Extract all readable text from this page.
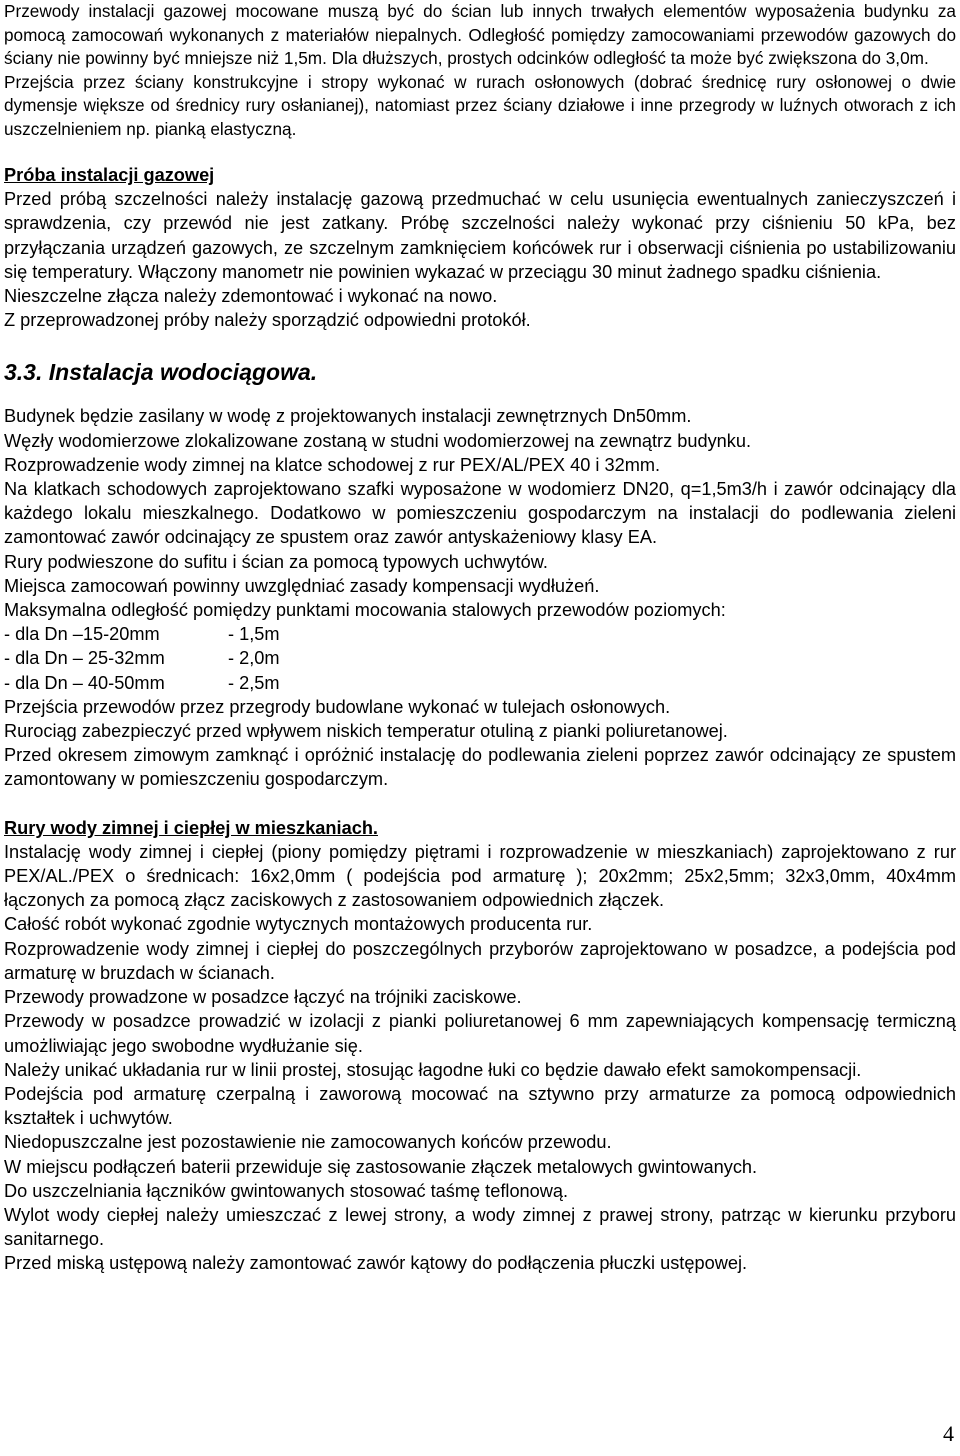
Przewody instalacji gazowej mocowane muszą być do ścian lub innych trwałych elementów wyposażenia budynku za pomocą zamocowań wykonanych z materiałów niepalnych. Odległość pomiędzy zamocowaniami przewodów gazowych do ściany nie powinny być mniejsze niż 1,5m. Dla dłuższych, prostych odcinków odległość ta może być zwiększona do 3,0m.

Przejścia przez ściany konstrukcyjne i stropy wykonać w rurach osłonowych (dobrać średnicę rury osłonowej o dwie dymensje większe od średnicy rury osłanianej), natomiast przez ściany działowe i inne przegrody w luźnych otworach z ich uszczelnieniem np. pianką elastyczną.

Próba instalacji gazowej

Przed próbą szczelności należy instalację gazową przedmuchać w celu usunięcia ewentualnych zanieczyszczeń i sprawdzenia, czy przewód nie jest zatkany. Próbę szczelności należy wykonać przy ciśnieniu 50 kPa, bez przyłączania urządzeń gazowych, ze szczelnym zamknięciem końcówek rur i obserwacji ciśnienia po ustabilizowaniu się temperatury. Włączony manometr nie powinien wykazać w przeciągu 30 minut żadnego spadku ciśnienia.

Nieszczelne złącza należy zdemontować i wykonać na nowo.

Z przeprowadzonej próby należy sporządzić odpowiedni protokół.

3.3. Instalacja wodociągowa.

Budynek będzie zasilany w wodę z projektowanych instalacji zewnętrznych Dn50mm.

Węzły wodomierzowe zlokalizowane zostaną w studni wodomierzowej na zewnątrz budynku.

Rozprowadzenie wody zimnej na klatce schodowej z rur PEX/AL/PEX 40 i 32mm.

Na klatkach schodowych zaprojektowano szafki wyposażone w wodomierz DN20, q=1,5m3/h i zawór odcinający dla każdego lokalu mieszkalnego. Dodatkowo w pomieszczeniu gospodarczym na instalacji do podlewania zieleni zamontować zawór odcinający ze spustem oraz zawór antyskażeniowy klasy EA.

Rury podwieszone do sufitu i ścian za pomocą typowych uchwytów.

Miejsca zamocowań powinny uwzględniać zasady kompensacji wydłużeń.

Maksymalna odległość pomiędzy punktami mocowania stalowych przewodów poziomych:

- dla Dn –15-20mm	- 1,5m
- dla Dn – 25-32mm	- 2,0m
- dla Dn – 40-50mm	- 2,5m

Przejścia przewodów przez przegrody budowlane wykonać w tulejach osłonowych.

Rurociąg zabezpieczyć przed wpływem niskich temperatur otuliną z pianki poliuretanowej.

Przed okresem zimowym zamknąć i opróżnić instalację do podlewania zieleni poprzez zawór odcinający ze spustem zamontowany w pomieszczeniu gospodarczym.

Rury wody zimnej i ciepłej w mieszkaniach.

Instalację wody zimnej i ciepłej (piony pomiędzy piętrami i rozprowadzenie w mieszkaniach) zaprojektowano z rur PEX/AL./PEX o średnicach: 16x2,0mm ( podejścia pod armaturę ); 20x2mm; 25x2,5mm; 32x3,0mm, 40x4mm łączonych za pomocą złącz zaciskowych z zastosowaniem odpowiednich złączek.

Całość robót wykonać zgodnie wytycznych montażowych producenta rur.

Rozprowadzenie wody zimnej i ciepłej do poszczególnych przyborów zaprojektowano w posadzce, a podejścia pod armaturę w bruzdach w ścianach.

Przewody prowadzone w posadzce łączyć na trójniki zaciskowe.

Przewody w posadzce prowadzić w izolacji z pianki poliuretanowej 6 mm zapewniających kompensację termiczną umożliwiając jego swobodne wydłużanie się.

Należy unikać układania rur w linii prostej, stosując łagodne łuki co będzie dawało efekt samokompensacji.

Podejścia pod armaturę czerpalną i zaworową mocować na sztywno przy armaturze za pomocą odpowiednich kształtek i uchwytów.

Niedopuszczalne jest pozostawienie nie zamocowanych końców przewodu.

W miejscu podłączeń baterii przewiduje się zastosowanie złączek metalowych gwintowanych.

Do uszczelniania łączników gwintowanych stosować taśmę teflonową.

Wylot wody ciepłej należy umieszczać z lewej strony, a wody zimnej z prawej strony, patrząc w kierunku przyboru sanitarnego.

Przed miską ustępową należy zamontować zawór kątowy do podłączenia płuczki ustępowej.

4
